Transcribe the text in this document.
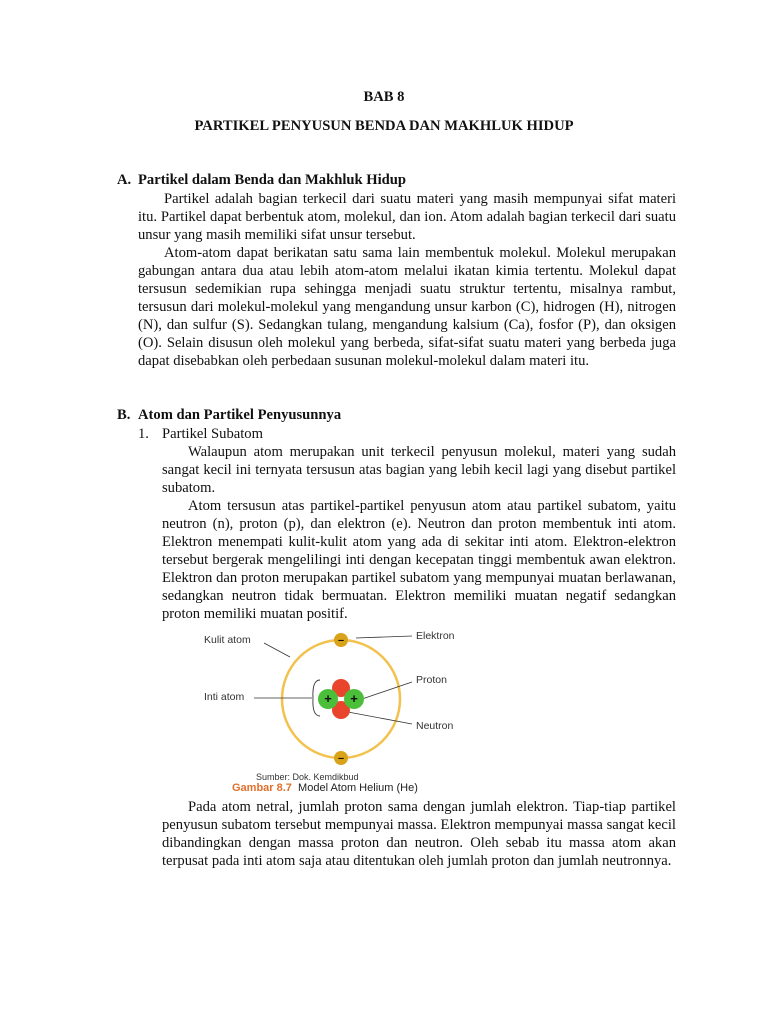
BAB 8
PARTIKEL PENYUSUN BENDA DAN MAKHLUK HIDUP
A. Partikel dalam Benda dan Makhluk Hidup

Partikel adalah bagian terkecil dari suatu materi yang masih mempunyai sifat materi itu. Partikel dapat berbentuk atom, molekul, dan ion. Atom adalah bagian terkecil dari suatu unsur yang masih memiliki sifat unsur tersebut.

Atom-atom dapat berikatan satu sama lain membentuk molekul. Molekul merupakan gabungan antara dua atau lebih atom-atom melalui ikatan kimia tertentu. Molekul dapat tersusun sedemikian rupa sehingga menjadi suatu struktur tertentu, misalnya rambut, tersusun dari molekul-molekul yang mengandung unsur karbon (C), hidrogen (H), nitrogen (N), dan sulfur (S). Sedangkan tulang, mengandung kalsium (Ca), fosfor (P), dan oksigen (O). Selain disusun oleh molekul yang berbeda, sifat-sifat suatu materi yang berbeda juga dapat disebabkan oleh perbedaan susunan molekul-molekul dalam materi itu.

B. Atom dan Partikel Penyusunnya
1. Partikel Subatom

Walaupun atom merupakan unit terkecil penyusun molekul, materi yang sudah sangat kecil ini ternyata tersusun atas bagian yang lebih kecil lagi yang disebut partikel subatom.

Atom tersusun atas partikel-partikel penyusun atom atau partikel subatom, yaitu neutron (n), proton (p), dan elektron (e). Neutron dan proton membentuk inti atom. Elektron menempati kulit-kulit atom yang ada di sekitar inti atom. Elektron-elektron tersebut bergerak mengelilingi inti dengan kecepatan tinggi membentuk awan elektron. Elektron dan proton merupakan partikel subatom yang mempunyai muatan berlawanan, sedangkan neutron tidak bermuatan. Elektron memiliki muatan negatif sedangkan proton memiliki muatan positif.

+ +
–
–
Kulit atom
Inti atom
Elektron
Proton
Neutron
Sumber: Dok. Kemdikbud
Gambar 8.7 Model Atom Helium (He)

Pada atom netral, jumlah proton sama dengan jumlah elektron. Tiap-tiap partikel penyusun subatom tersebut mempunyai massa. Elektron mempunyai massa sangat kecil dibandingkan dengan massa proton dan neutron. Oleh sebab itu massa atom akan terpusat pada inti atom saja atau ditentukan oleh jumlah proton dan jumlah neutronnya.
